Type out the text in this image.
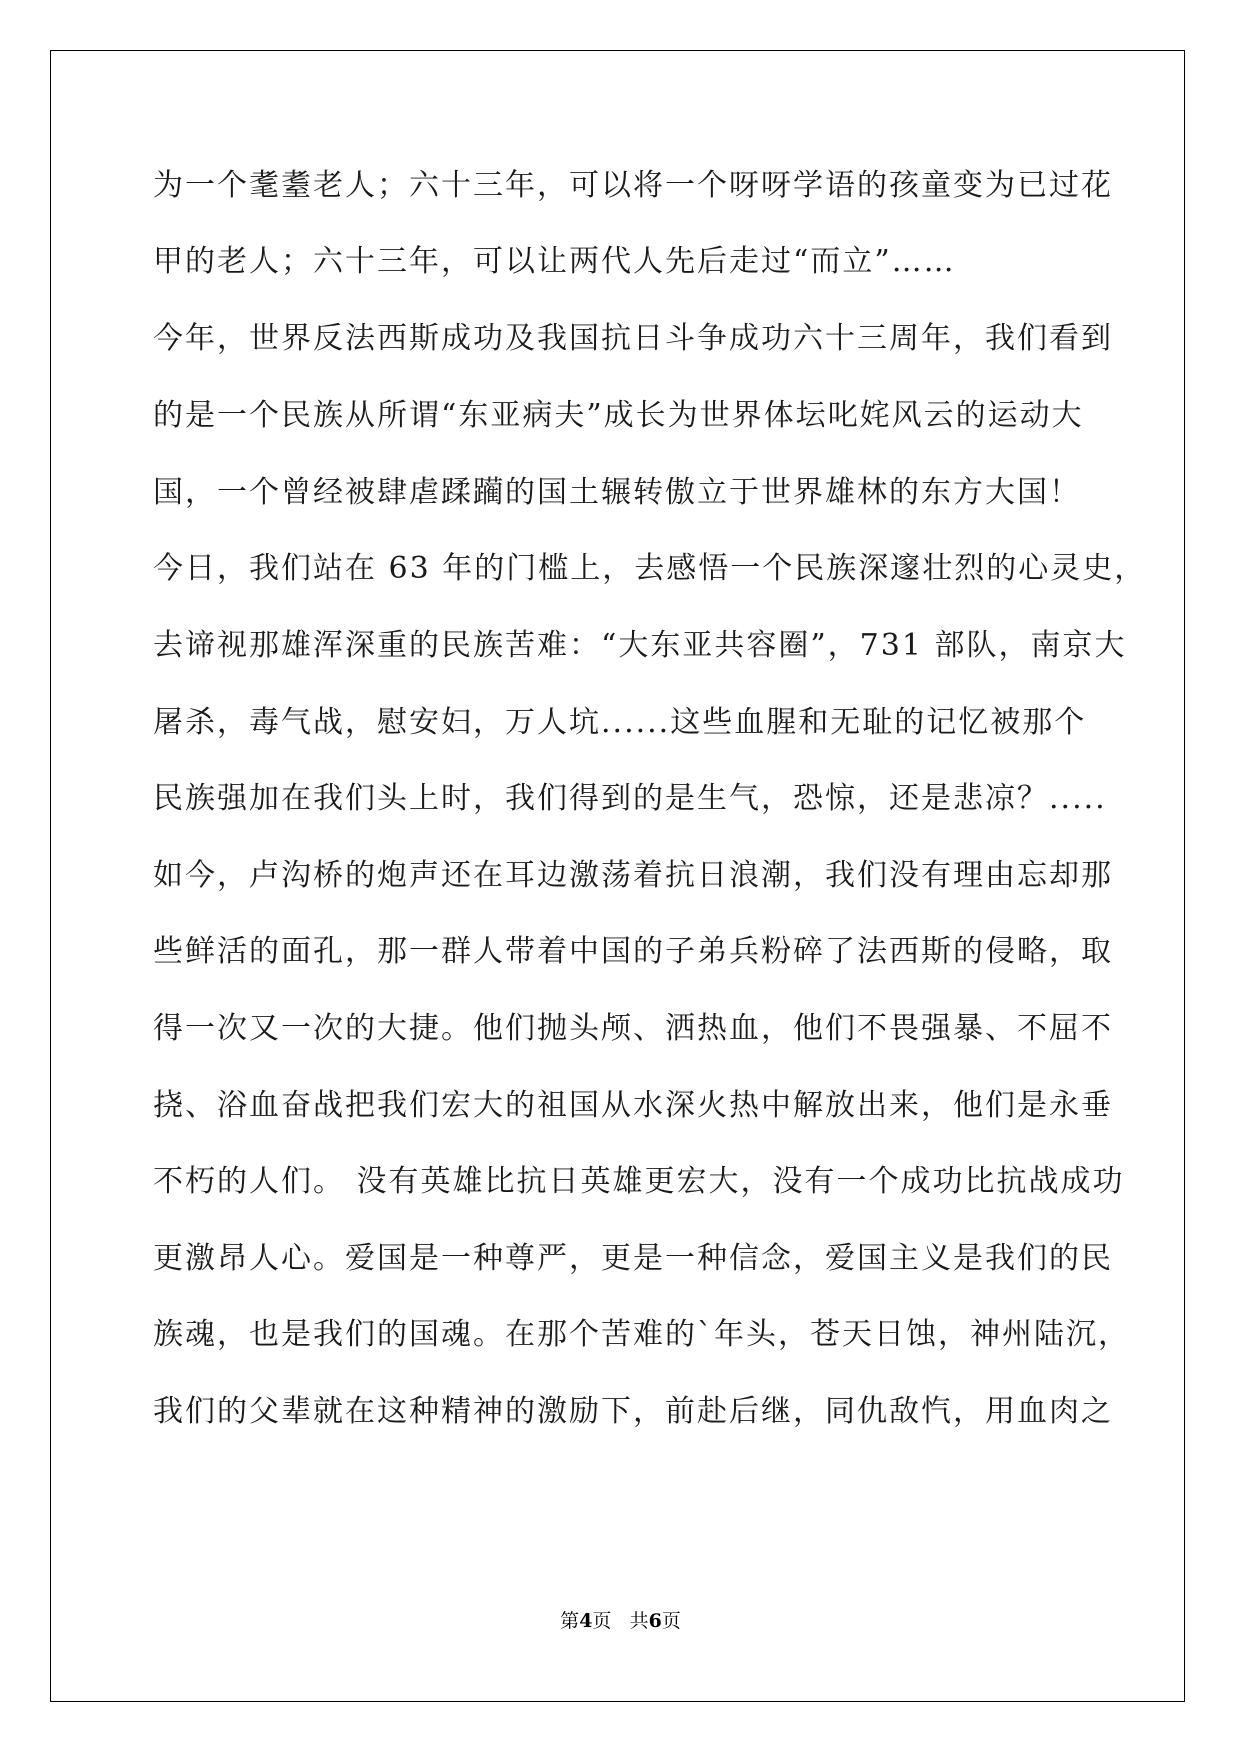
为一个耄耋老人；六十三年，可以将一个呀呀学语的孩童变为已过花

甲的老人；六十三年，可以让两代人先后走过“而立”……

今年，世界反法西斯成功及我国抗日斗争成功六十三周年，我们看到

的是一个民族从所谓“东亚病夫”成长为世界体坛叱姹风云的运动大

国，一个曾经被肆虐蹂躏的国土辗转傲立于世界雄林的东方大国！

今日，我们站在 63 年的门槛上，去感悟一个民族深邃壮烈的心灵史，

去谛视那雄浑深重的民族苦难：“大东亚共容圈”，731 部队，南京大

屠杀，毒气战，慰安妇，万人坑......这些血腥和无耻的记忆被那个

民族强加在我们头上时，我们得到的是生气，恐惊，还是悲凉？.....

如今，卢沟桥的炮声还在耳边激荡着抗日浪潮，我们没有理由忘却那

些鲜活的面孔，那一群人带着中国的子弟兵粉碎了法西斯的侵略，取

得一次又一次的大捷。他们抛头颅、洒热血，他们不畏强暴、不屈不

挠、浴血奋战把我们宏大的祖国从水深火热中解放出来，他们是永垂

不朽的人们。 没有英雄比抗日英雄更宏大，没有一个成功比抗战成功

更激昂人心。爱国是一种尊严，更是一种信念，爱国主义是我们的民

族魂，也是我们的国魂。在那个苦难的`年头，苍天日蚀，神州陆沉，

我们的父辈就在这种精神的激励下，前赴后继，同仇敌忾，用血肉之

第4页 共6页
